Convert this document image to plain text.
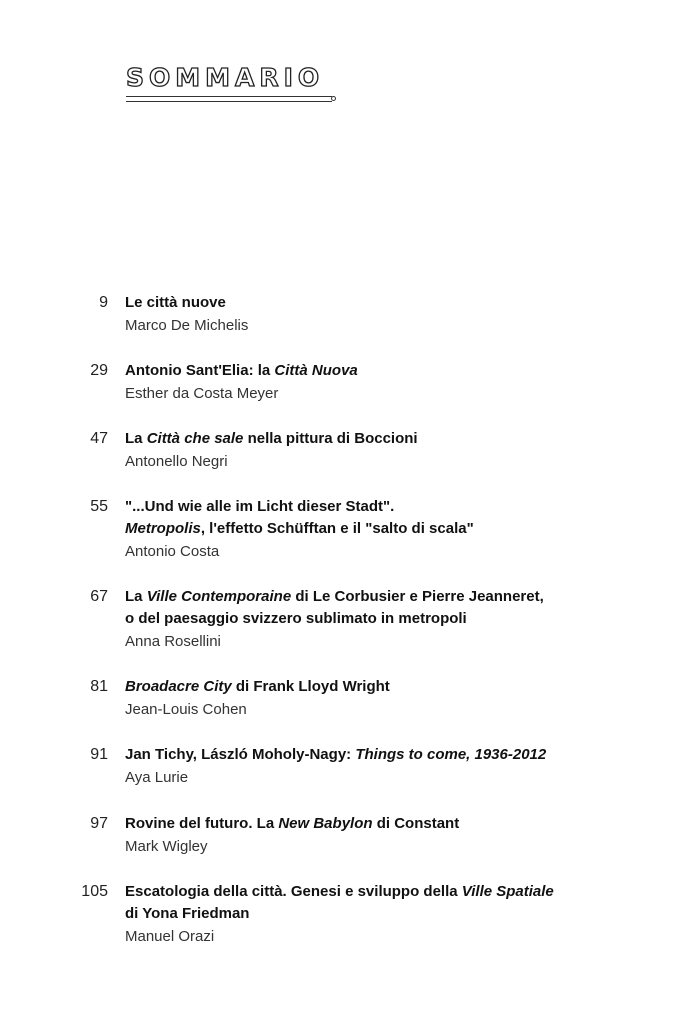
SOMMARIO
9 Le città nuove
Marco De Michelis
29 Antonio Sant'Elia: la Città Nuova
Esther da Costa Meyer
47 La Città che sale nella pittura di Boccioni
Antonello Negri
55 "...Und wie alle im Licht dieser Stadt".
Metropolis, l'effetto Schüfftan e il "salto di scala"
Antonio Costa
67 La Ville Contemporaine di Le Corbusier e Pierre Jeanneret,
o del paesaggio svizzero sublimato in metropoli
Anna Rosellini
81 Broadacre City di Frank Lloyd Wright
Jean-Louis Cohen
91 Jan Tichy, László Moholy-Nagy: Things to come, 1936-2012
Aya Lurie
97 Rovine del futuro. La New Babylon di Constant
Mark Wigley
105 Escatologia della città. Genesi e sviluppo della Ville Spatiale
di Yona Friedman
Manuel Orazi
